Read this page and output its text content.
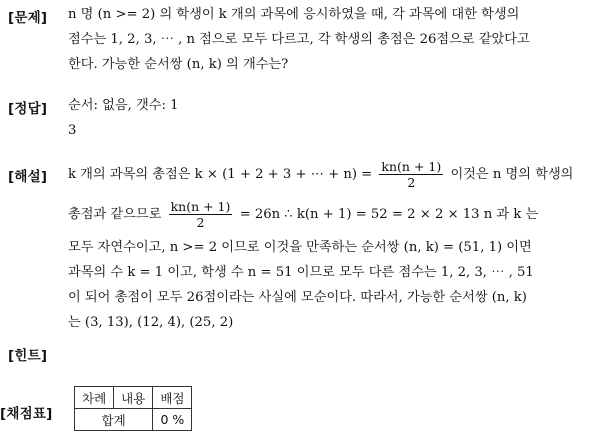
[문제] n 명 (n >= 2) 의 학생이 k 개의 과목에 응시하였을 때, 각 과목에 대한 학생의
점수는 1, 2, 3, ⋯ , n 점으로 모두 다르고, 각 학생의 총점은 26점으로 같았다고
한다. 가능한 순서쌍 (n, k) 의 개수는?
[정답] 순서: 없음, 갯수: 1
3
[해설] k 개의 과목의 총점은 k × (1 + 2 + 3 + ⋯ + $n) = \frac{kn(n + 1)}{2}$ 이것은 n 명의 학생의
총점과 같으므로 $\frac{kn(n + 1)}{2} = 26n$ ∴ k(n + 1) = 52 = 2 × 2 × 13 n 과 k 는
모두 자연수이고, n >= 2 이므로 이것을 만족하는 순서쌍 (n, k) = (51, 1) 이면
과목의 수 k = 1 이고, 학생 수 n = 51 이므로 모두 다른 점수는 1, 2, 3, ⋯ , 51
이 되어 총점이 모두 26점이라는 사실에 모순이다. 따라서, 가능한 순서쌍 (n, k)
는 (3, 13), (12, 4), (25, 2)
[힌트]
[채점표]
차례	내용	배점
합계		0 %
